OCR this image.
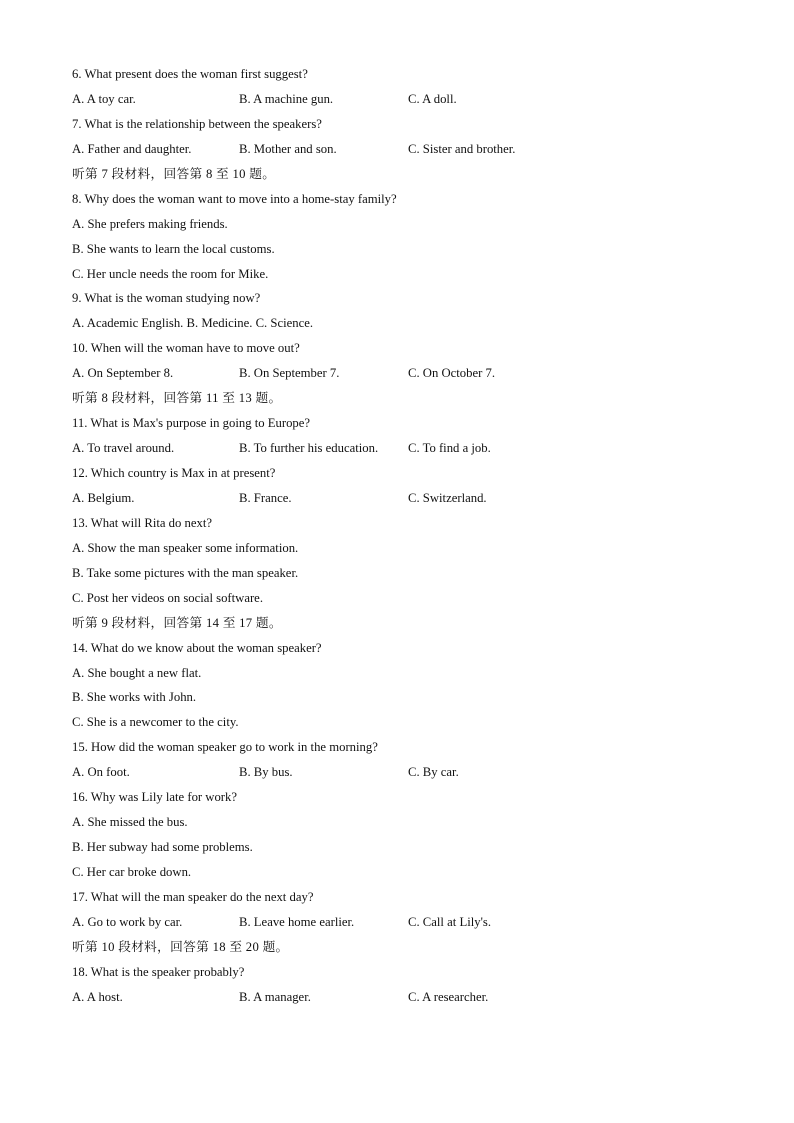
6. What present does the woman first suggest?
A. A toy car.	B. A machine gun.	C. A doll.
7. What is the relationship between the speakers?
A. Father and daughter.	B. Mother and son.	C. Sister and brother.
听第 7 段材料，回答第 8 至 10 题。
8. Why does the woman want to move into a home-stay family?
A. She prefers making friends.
B. She wants to learn the local customs.
C. Her uncle needs the room for Mike.
9. What is the woman studying now?
A. Academic English. B. Medicine. C. Science.
10. When will the woman have to move out?
A. On September 8.	B. On September 7.	C. On October 7.
听第 8 段材料，回答第 11 至 13 题。
11. What is Max's purpose in going to Europe?
A. To travel around.	B. To further his education. C. To find a job.
12. Which country is Max in at present?
A. Belgium.	B. France.	C. Switzerland.
13. What will Rita do next?
A. Show the man speaker some information.
B. Take some pictures with the man speaker.
C. Post her videos on social software.
听第 9 段材料，回答第 14 至 17 题。
14. What do we know about the woman speaker?
A. She bought a new flat.
B. She works with John.
C. She is a newcomer to the city.
15. How did the woman speaker go to work in the morning?
A. On foot.	B. By bus.	C. By car.
16. Why was Lily late for work?
A. She missed the bus.
B. Her subway had some problems.
C. Her car broke down.
17. What will the man speaker do the next day?
A. Go to work by car.	B. Leave home earlier.	C. Call at Lily's.
听第 10 段材料，回答第 18 至 20 题。
18. What is the speaker probably?
A. A host.	B. A manager.	C. A researcher.
